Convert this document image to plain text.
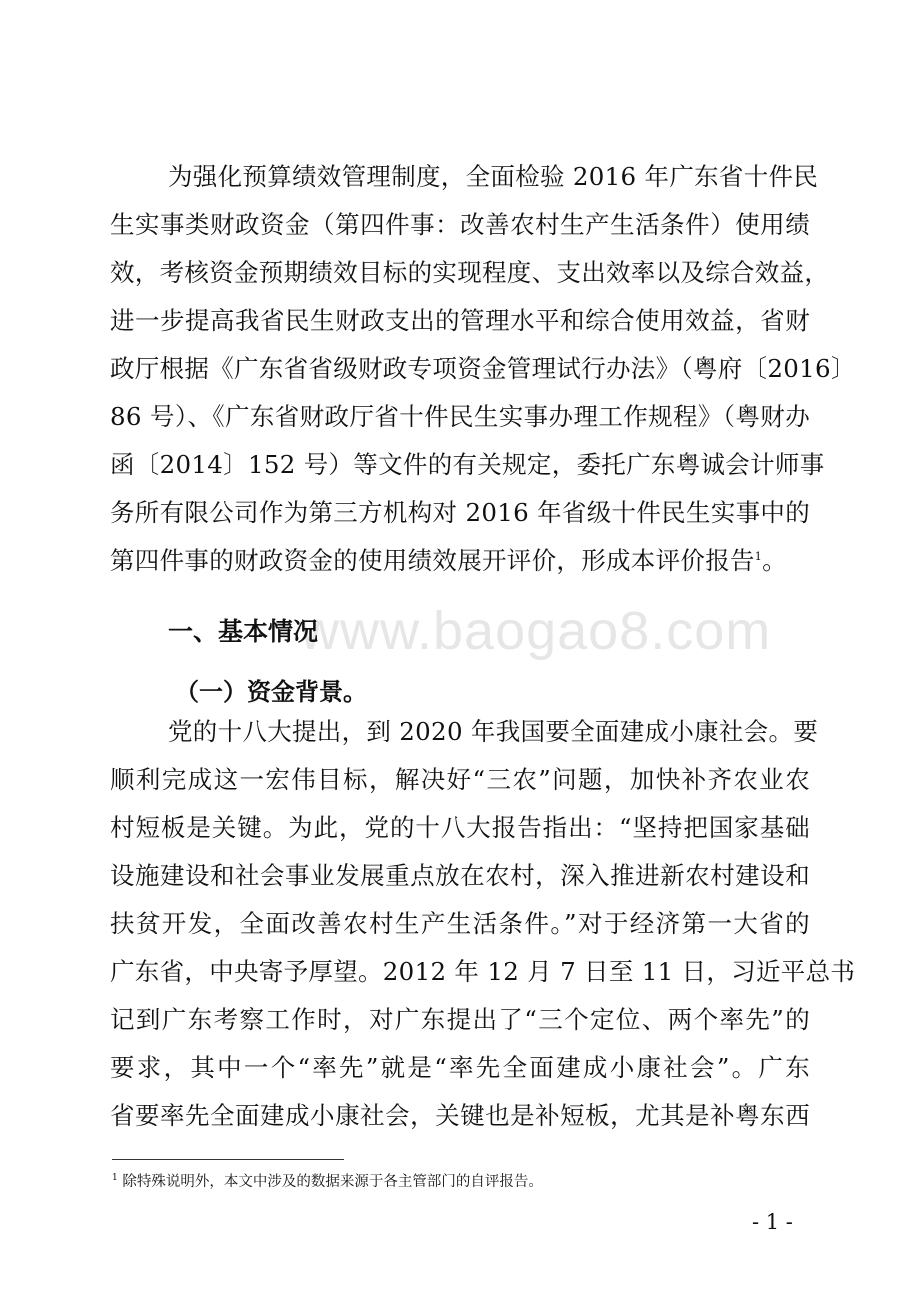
www.baogao8.com
为强化预算绩效管理制度，全面检验 2016 年广东省十件民
生实事类财政资金（第四件事：改善农村生产生活条件）使用绩
效，考核资金预期绩效目标的实现程度、支出效率以及综合效益，
进一步提高我省民生财政支出的管理水平和综合使用效益，省财
政厅根据《广东省省级财政专项资金管理试行办法》（粤府〔2016〕
86 号）、《广东省财政厅省十件民生实事办理工作规程》（粤财办
函〔2014〕152 号）等文件的有关规定，委托广东粤诚会计师事
务所有限公司作为第三方机构对 2016 年省级十件民生实事中的
第四件事的财政资金的使用绩效展开评价，形成本评价报告$^1$。
一、基本情况
（一）资金背景。
党的十八大提出，到 2020 年我国要全面建成小康社会。要
顺利完成这一宏伟目标，解决好“三农”问题，加快补齐农业农
村短板是关键。为此，党的十八大报告指出：“坚持把国家基础
设施建设和社会事业发展重点放在农村，深入推进新农村建设和
扶贫开发，全面改善农村生产生活条件。”对于经济第一大省的
广东省，中央寄予厚望。2012 年 12 月 7 日至 11 日，习近平总书
记到广东考察工作时，对广东提出了“三个定位、两个率先”的
要求，其中一个“率先”就是“率先全面建成小康社会”。广东
省要率先全面建成小康社会，关键也是补短板，尤其是补粤东西
$^1$ 除特殊说明外，本文中涉及的数据来源于各主管部门的自评报告。
- 1 -
